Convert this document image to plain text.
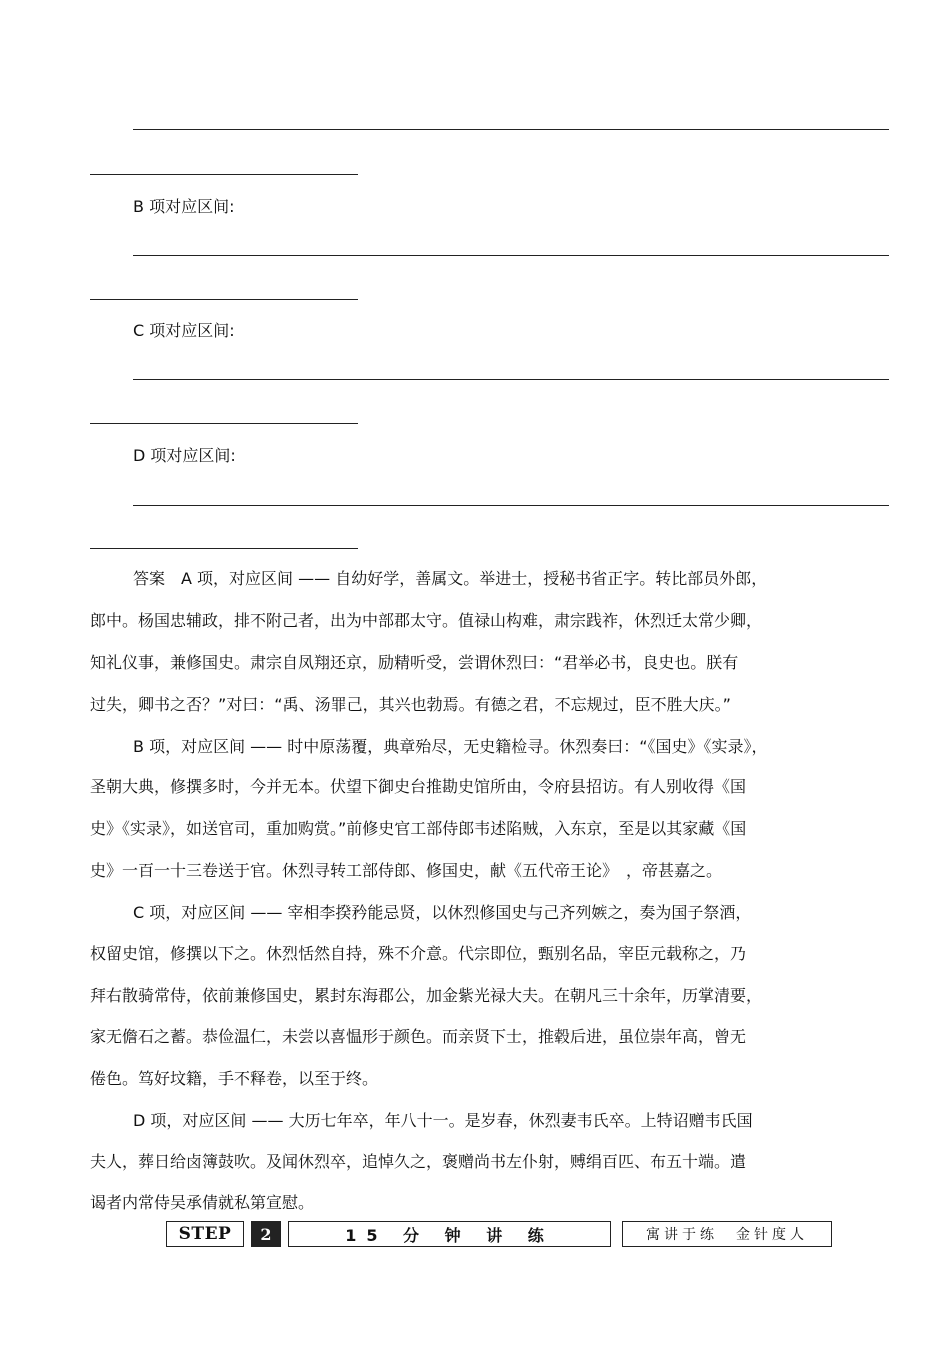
B 项对应区间:
C 项对应区间:
D 项对应区间:
答案　A 项，对应区间 —— 自幼好学，善属文。举进士，授秘书省正字。转比部员外郎，
郎中。杨国忠辅政，排不附己者，出为中部郡太守。值禄山构难，肃宗践祚，休烈迁太常少卿，
知礼仪事，兼修国史。肃宗自凤翔还京，励精听受，尝谓休烈曰：“君举必书，良史也。朕有
过失，卿书之否？”对曰：“禹、汤罪己，其兴也勃焉。有德之君，不忘规过，臣不胜大庆。”
B 项，对应区间 —— 时中原荡覆，典章殆尽，无史籍检寻。休烈奏曰：“《国史》《实录》，
圣朝大典，修撰多时，今并无本。伏望下御史台推勘史馆所由，令府县招访。有人别收得《国
史》《实录》，如送官司，重加购赏。”前修史官工部侍郎韦述陷贼，入东京，至是以其家藏《国
史》一百一十三卷送于官。休烈寻转工部侍郎、修国史，献《五代帝王论》　，帝甚嘉之。
C 项，对应区间 —— 宰相李揆矜能忌贤，以休烈修国史与己齐列嫉之，奏为国子祭酒，
权留史馆，修撰以下之。休烈恬然自持，殊不介意。代宗即位，甄别名品，宰臣元载称之，乃
拜右散骑常侍，依前兼修国史，累封东海郡公，加金紫光禄大夫。在朝凡三十余年，历掌清要，
家无儋石之蓄。恭俭温仁，未尝以喜愠形于颜色。而亲贤下士，推毂后进，虽位崇年高，曾无
倦色。笃好坟籍，手不释卷，以至于终。
D 项，对应区间 —— 大历七年卒，年八十一。是岁春，休烈妻韦氏卒。上特诏赠韦氏国
夫人，葬日给卤簿鼓吹。及闻休烈卒，追悼久之，褒赠尚书左仆射，赙绢百匹、布五十端。遣
谒者内常侍吴承倩就私第宣慰。
STEP	2	15 分 钟 讲 练	寓讲于练　金针度人
